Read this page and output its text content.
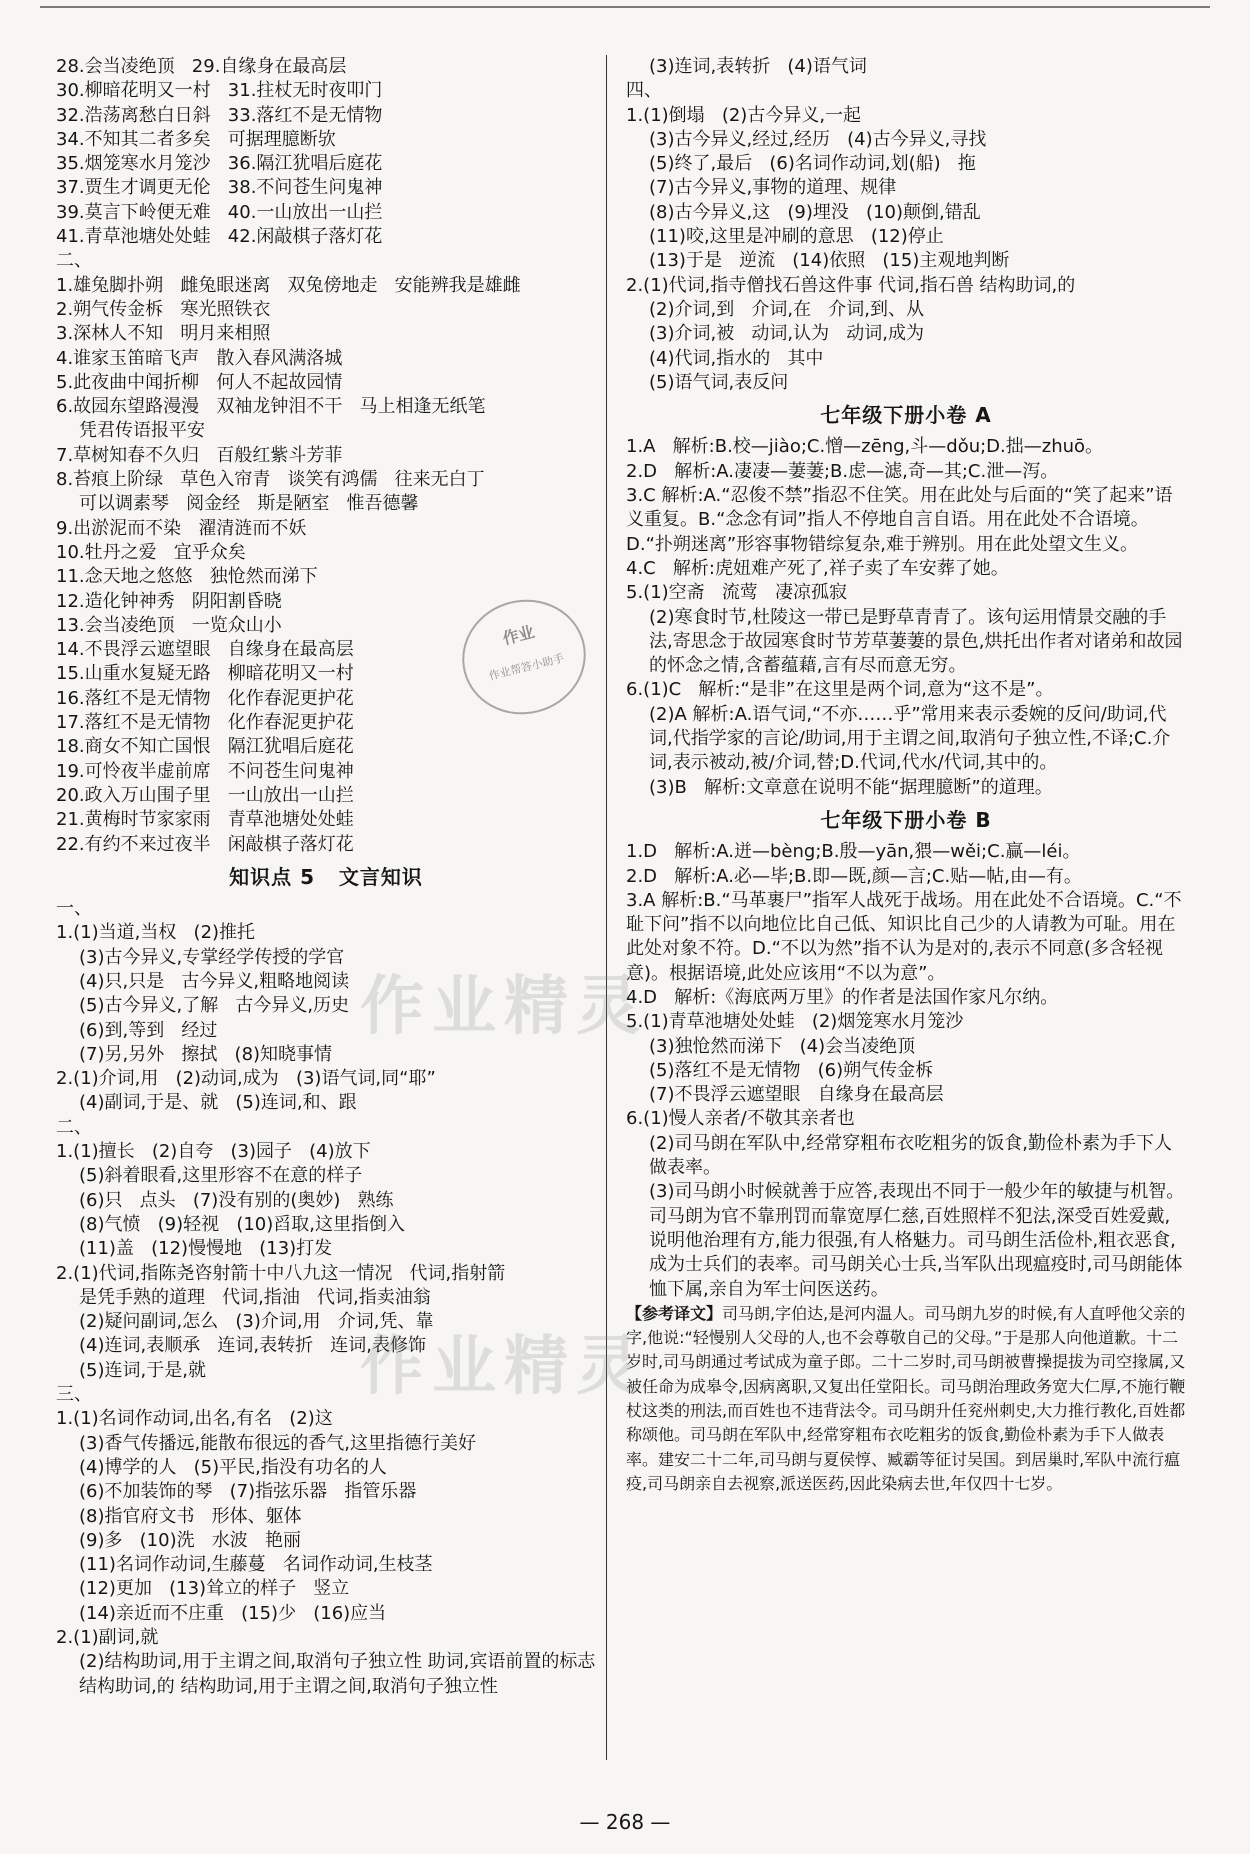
28.会当凌绝顶   29.自缘身在最高层
30.柳暗花明又一村   31.拄杖无时夜叩门
32.浩荡离愁白日斜   33.落红不是无情物
34.不知其二者多矣   可据理臆断欤
35.烟笼寒水月笼沙   36.隔江犹唱后庭花
37.贾生才调更无伦   38.不问苍生问鬼神
39.莫言下岭便无难   40.一山放出一山拦
41.青草池塘处处蛙   42.闲敲棋子落灯花
二、
1.雄兔脚扑朔   雌兔眼迷离   双兔傍地走   安能辨我是雄雌
2.朔气传金柝   寒光照铁衣
3.深林人不知   明月来相照
4.谁家玉笛暗飞声   散入春风满洛城
5.此夜曲中闻折柳   何人不起故园情
6.故园东望路漫漫   双袖龙钟泪不干   马上相逢无纸笔
凭君传语报平安
7.草树知春不久归   百般红紫斗芳菲
8.苔痕上阶绿   草色入帘青   谈笑有鸿儒   往来无白丁
可以调素琴   阅金经   斯是陋室   惟吾德馨
9.出淤泥而不染   濯清涟而不妖
10.牡丹之爱   宜乎众矣
11.念天地之悠悠   独怆然而涕下
12.造化钟神秀   阴阳割昏晓
13.会当凌绝顶   一览众山小
14.不畏浮云遮望眼   自缘身在最高层
15.山重水复疑无路   柳暗花明又一村
16.落红不是无情物   化作春泥更护花
17.落红不是无情物   化作春泥更护花
18.商女不知亡国恨   隔江犹唱后庭花
19.可怜夜半虚前席   不问苍生问鬼神
20.政入万山围子里   一山放出一山拦
21.黄梅时节家家雨   青草池塘处处蛙
22.有约不来过夜半   闲敲棋子落灯花
知识点 5   文言知识
一、
1.(1)当道,当权   (2)推托
(3)古今异义,专掌经学传授的学官
(4)只,只是   古今异义,粗略地阅读
(5)古今异义,了解   古今异义,历史
(6)到,等到   经过
(7)另,另外   擦拭   (8)知晓事情
2.(1)介词,用   (2)动词,成为   (3)语气词,同“耶”
(4)副词,于是、就   (5)连词,和、跟
二、
1.(1)擅长   (2)自夸   (3)园子   (4)放下
(5)斜着眼看,这里形容不在意的样子
(6)只   点头   (7)没有别的(奥妙)   熟练
(8)气愤   (9)轻视   (10)舀取,这里指倒入
(11)盖   (12)慢慢地   (13)打发
2.(1)代词,指陈尧咨射箭十中八九这一情况   代词,指射箭
是凭手熟的道理   代词,指油   代词,指卖油翁
(2)疑问副词,怎么   (3)介词,用   介词,凭、靠
(4)连词,表顺承   连词,表转折   连词,表修饰
(5)连词,于是,就
三、
1.(1)名词作动词,出名,有名   (2)这
(3)香气传播远,能散布很远的香气,这里指德行美好
(4)博学的人   (5)平民,指没有功名的人
(6)不加装饰的琴   (7)指弦乐器   指管乐器
(8)指官府文书   形体、躯体
(9)多   (10)洗   水波   艳丽
(11)名词作动词,生藤蔓   名词作动词,生枝茎
(12)更加   (13)耸立的样子   竖立
(14)亲近而不庄重   (15)少   (16)应当
2.(1)副词,就
(2)结构助词,用于主谓之间,取消句子独立性 助词,宾语前置的标志 结构助词,的 结构助词,用于主谓之间,取消句子独立性
(3)连词,表转折   (4)语气词
四、
1.(1)倒塌   (2)古今异义,一起
(3)古今异义,经过,经历   (4)古今异义,寻找
(5)终了,最后   (6)名词作动词,划(船)   拖
(7)古今异义,事物的道理、规律
(8)古今异义,这   (9)埋没   (10)颠倒,错乱
(11)咬,这里是冲刷的意思   (12)停止
(13)于是   逆流   (14)依照   (15)主观地判断
2.(1)代词,指寺僧找石兽这件事 代词,指石兽 结构助词,的
(2)介词,到   介词,在   介词,到、从
(3)介词,被   动词,认为   动词,成为
(4)代词,指水的   其中
(5)语气词,表反问
七年级下册小卷 A
1.A   解析:B.校—jiào;C.憎—zēng,斗—dǒu;D.拙—zhuō。
2.D   解析:A.凄凄—萋萋;B.虑—滤,奇—其;C.泄—泻。
3.C 解析:A.“忍俊不禁”指忍不住笑。用在此处与后面的“笑了起来”语义重复。B.“念念有词”指人不停地自言自语。用在此处不合语境。D.“扑朔迷离”形容事物错综复杂,难于辨别。用在此处望文生义。
4.C   解析:虎妞难产死了,祥子卖了车安葬了她。
5.(1)空斋   流莺   凄凉孤寂
(2)寒食时节,杜陵这一带已是野草青青了。该句运用情景交融的手法,寄思念于故园寒食时节芳草萋萋的景色,烘托出作者对诸弟和故园的怀念之情,含蓄蕴藉,言有尽而意无穷。
6.(1)C   解析:“是非”在这里是两个词,意为“这不是”。
(2)A 解析:A.语气词,“不亦……乎”常用来表示委婉的反问/助词,代词,代指学家的言论/助词,用于主谓之间,取消句子独立性,不译;C.介词,表示被动,被/介词,替;D.代词,代水/代词,其中的。
(3)B   解析:文章意在说明不能“据理臆断”的道理。
七年级下册小卷 B
1.D   解析:A.迸—bèng;B.殷—yān,猥—wěi;C.赢—léi。
2.D   解析:A.必—毕;B.即—既,颜—言;C.贴—帖,由—有。
3.A 解析:B.“马革裹尸”指军人战死于战场。用在此处不合语境。C.“不耻下问”指不以向地位比自己低、知识比自己少的人请教为可耻。用在此处对象不符。D.“不以为然”指不认为是对的,表示不同意(多含轻视意)。根据语境,此处应该用“不以为意”。
4.D   解析:《海底两万里》的作者是法国作家凡尔纳。
5.(1)青草池塘处处蛙   (2)烟笼寒水月笼沙
(3)独怆然而涕下   (4)会当凌绝顶
(5)落红不是无情物   (6)朔气传金柝
(7)不畏浮云遮望眼   自缘身在最高层
6.(1)慢人亲者/不敬其亲者也
(2)司马朗在军队中,经常穿粗布衣吃粗劣的饭食,勤俭朴素为手下人做表率。
(3)司马朗小时候就善于应答,表现出不同于一般少年的敏捷与机智。司马朗为官不靠刑罚而靠宽厚仁慈,百姓照样不犯法,深受百姓爱戴,说明他治理有方,能力很强,有人格魅力。司马朗生活俭朴,粗衣恶食,成为士兵们的表率。司马朗关心士兵,当军队出现瘟疫时,司马朗能体恤下属,亲自为军士问医送药。
【参考译文】司马朗,字伯达,是河内温人。司马朗九岁的时候,有人直呼他父亲的字,他说:“轻慢别人父母的人,也不会尊敬自己的父母。”于是那人向他道歉。十二岁时,司马朗通过考试成为童子郎。二十二岁时,司马朗被曹操提拔为司空掾属,又被任命为成皋令,因病离职,又复出任堂阳长。司马朗治理政务宽大仁厚,不施行鞭杖这类的刑法,而百姓也不违背法令。司马朗升任兖州刺史,大力推行教化,百姓都称颂他。司马朗在军队中,经常穿粗布衣吃粗劣的饭食,勤俭朴素为手下人做表率。建安二十二年,司马朗与夏侯惇、臧霸等征讨吴国。到居巢时,军队中流行瘟疫,司马朗亲自去视察,派送医药,因此染病去世,年仅四十七岁。
作业
作业帮答小助手
作业精灵
作业精灵
— 268 —
